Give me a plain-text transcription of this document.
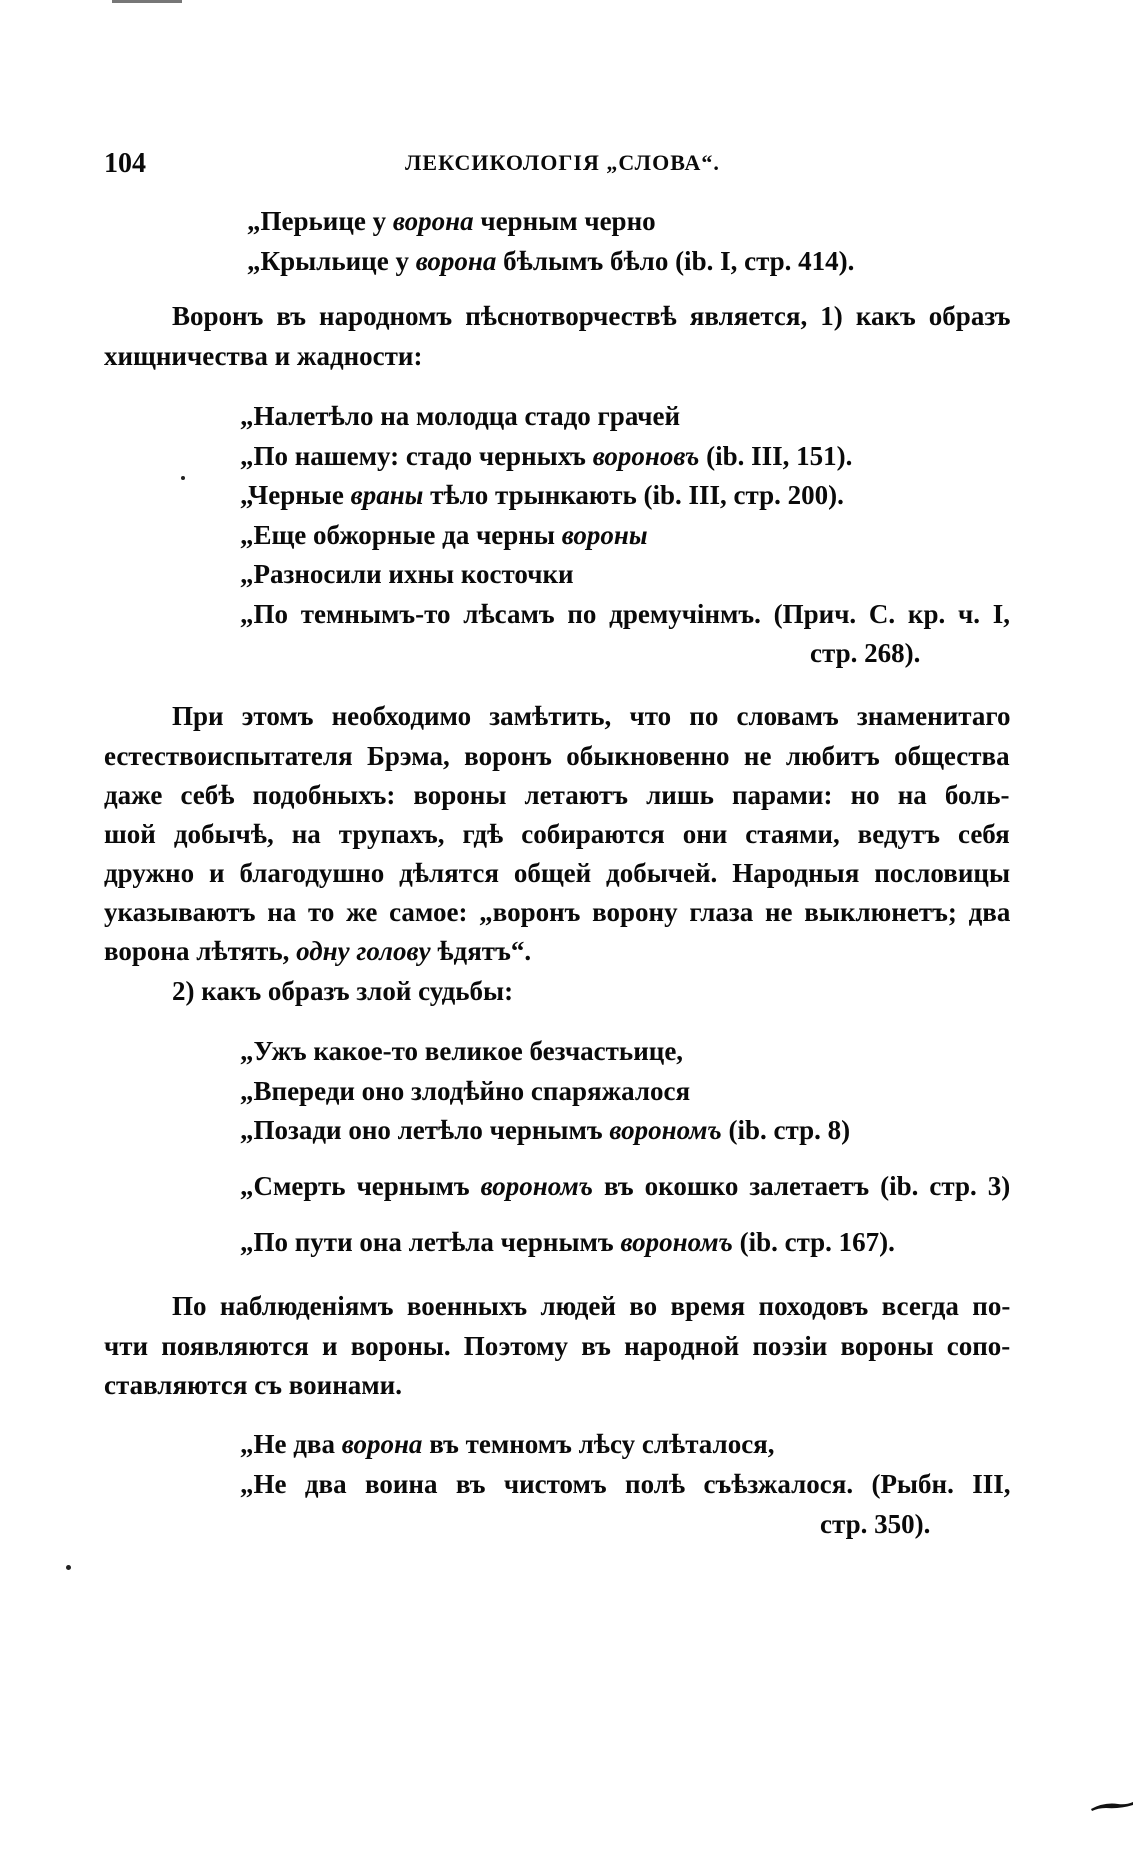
104	ЛЕКСИКОЛОГІЯ „СЛОВА“.
„Перьице у ворона черным черно
„Крыльице у ворона бѣлымъ бѣло (ib. I, стр. 414).
Воронъ въ народномъ пѣснотворчествѣ является, 1) какъ образъ
хищничества и жадности:
„Налетѣло на молодца стадо грачей
„По нашему: стадо черныхъ вороновъ (ib. III, 151).
„Черные враны тѣло трынкають (ib. III, стр. 200).
„Еще обжорные да черны вороны
„Разносили ихны косточки
„По темнымъ-то лѣсамъ по дремучінмъ. (Прич. С. кр. ч. I,
стр. 268).
При этомъ необходимо замѣтить, что по словамъ знаменитаго
естествоиспытателя Брэма, воронъ обыкновенно не любитъ общества
даже себѣ подобныхъ: вороны летаютъ лишь парами: но на боль-
шой добычѣ, на трупахъ, гдѣ собираются они стаями, ведутъ себя
дружно и благодушно дѣлятся общей добычей. Народныя пословицы
указываютъ на то же самое: „воронъ ворону глаза не выклюнетъ; два
ворона лѣтять, одну голову ѣдятъ“.
2) какъ образъ злой судьбы:
„Ужъ какое-то великое безчастьице,
„Впереди оно злодѣйно спаряжалося
„Позади оно летѣло чернымъ ворономъ (ib. стр. 8)
„Смерть чернымъ ворономъ въ окошко залетаетъ (ib. стр. 3)
„По пути она летѣла чернымъ ворономъ (ib. стр. 167).
По наблюденіямъ военныхъ людей во время походовъ всегда по-
чти появляются и вороны. Поэтому въ народной поэзіи вороны сопо-
ставляются съ воинами.
„Не два ворона въ темномъ лѣсу слѣталося,
„Не два воина въ чистомъ полѣ съѣзжалося. (Рыбн. III,
стр. 350).
